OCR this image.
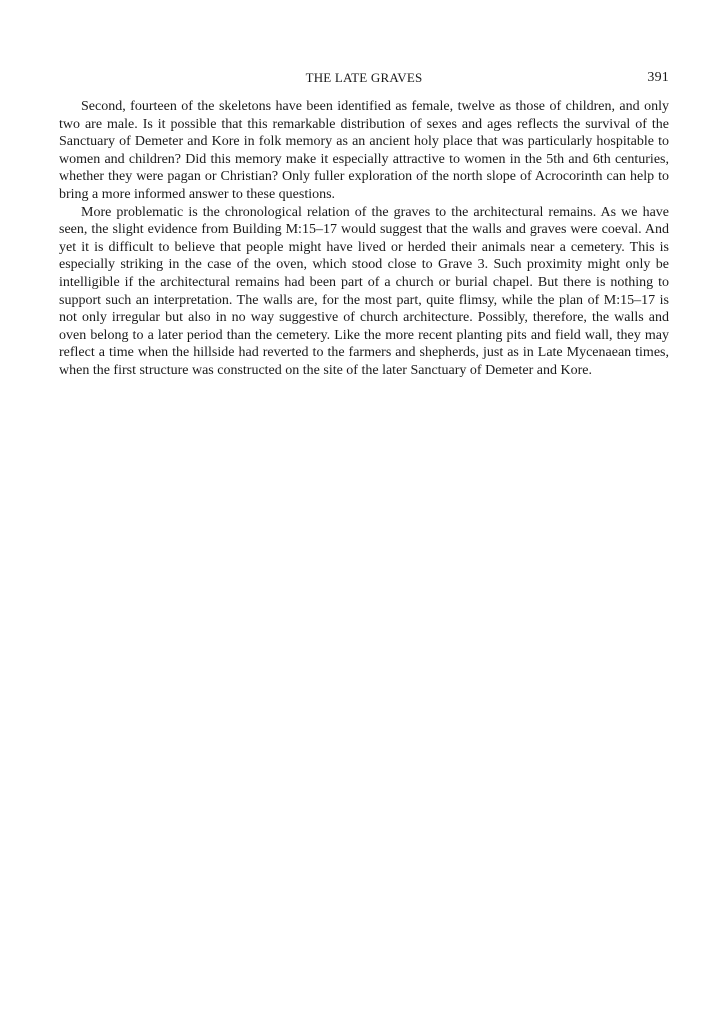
THE LATE GRAVES	391

Second, fourteen of the skeletons have been identified as female, twelve as those of children, and only two are male. Is it possible that this remarkable distribution of sexes and ages reflects the survival of the Sanctuary of Demeter and Kore in folk memory as an ancient holy place that was particularly hospitable to women and children? Did this memory make it especially attractive to women in the 5th and 6th centuries, whether they were pagan or Christian? Only fuller exploration of the north slope of Acrocorinth can help to bring a more informed answer to these questions.

More problematic is the chronological relation of the graves to the architectural remains. As we have seen, the slight evidence from Building M:15–17 would suggest that the walls and graves were coeval. And yet it is difficult to believe that people might have lived or herded their animals near a cemetery. This is especially striking in the case of the oven, which stood close to Grave 3. Such proximity might only be intelligible if the architectural remains had been part of a church or burial chapel. But there is nothing to support such an interpretation. The walls are, for the most part, quite flimsy, while the plan of M:15–17 is not only irregular but also in no way suggestive of church architecture. Possibly, therefore, the walls and oven belong to a later period than the cemetery. Like the more recent planting pits and field wall, they may reflect a time when the hillside had reverted to the farmers and shepherds, just as in Late Mycenaean times, when the first structure was constructed on the site of the later Sanctuary of Demeter and Kore.
